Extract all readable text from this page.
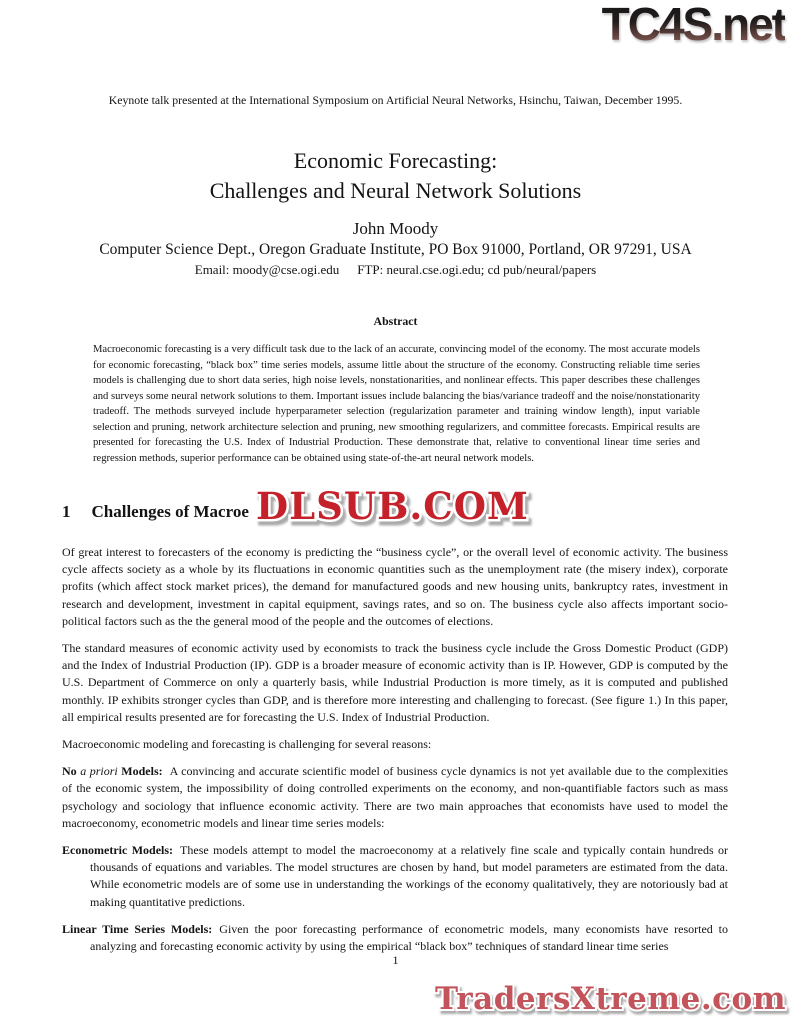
TC4S.net
Keynote talk presented at the International Symposium on Artificial Neural Networks, Hsinchu, Taiwan, December 1995.
Economic Forecasting:
Challenges and Neural Network Solutions
John Moody
Computer Science Dept., Oregon Graduate Institute, PO Box 91000, Portland, OR 97291, USA
Email: moody@cse.ogi.edu FTP: neural.cse.ogi.edu; cd pub/neural/papers
Abstract
Macroeconomic forecasting is a very difficult task due to the lack of an accurate, convincing model of the economy. The most accurate models for economic forecasting, “black box” time series models, assume little about the structure of the economy. Constructing reliable time series models is challenging due to short data series, high noise levels, nonstationarities, and nonlinear effects. This paper describes these challenges and surveys some neural network solutions to them. Important issues include balancing the bias/variance tradeoff and the noise/nonstationarity tradeoff. The methods surveyed include hyperparameter selection (regularization parameter and training window length), input variable selection and pruning, network architecture selection and pruning, new smoothing regularizers, and committee forecasts. Empirical results are presented for forecasting the U.S. Index of Industrial Production. These demonstrate that, relative to conventional linear time series and regression methods, superior performance can be obtained using state-of-the-art neural network models.
1 Challenges of Macroe DLSUB.COM

Of great interest to forecasters of the economy is predicting the “business cycle”, or the overall level of economic activity. The business cycle affects society as a whole by its fluctuations in economic quantities such as the unemployment rate (the misery index), corporate profits (which affect stock market prices), the demand for manufactured goods and new housing units, bankruptcy rates, investment in research and development, investment in capital equipment, savings rates, and so on. The business cycle also affects important socio-political factors such as the the general mood of the people and the outcomes of elections.

The standard measures of economic activity used by economists to track the business cycle include the Gross Domestic Product (GDP) and the Index of Industrial Production (IP). GDP is a broader measure of economic activity than is IP. However, GDP is computed by the U.S. Department of Commerce on only a quarterly basis, while Industrial Production is more timely, as it is computed and published monthly. IP exhibits stronger cycles than GDP, and is therefore more interesting and challenging to forecast. (See figure 1.) In this paper, all empirical results presented are for forecasting the U.S. Index of Industrial Production.

Macroeconomic modeling and forecasting is challenging for several reasons:

No a priori Models: A convincing and accurate scientific model of business cycle dynamics is not yet available due to the complexities of the economic system, the impossibility of doing controlled experiments on the economy, and non-quantifiable factors such as mass psychology and sociology that influence economic activity. There are two main approaches that economists have used to model the macroeconomy, econometric models and linear time series models:

Econometric Models: These models attempt to model the macroeconomy at a relatively fine scale and typically contain hundreds or thousands of equations and variables. The model structures are chosen by hand, but model parameters are estimated from the data. While econometric models are of some use in understanding the workings of the economy qualitatively, they are notoriously bad at making quantitative predictions.

Linear Time Series Models: Given the poor forecasting performance of econometric models, many economists have resorted to analyzing and forecasting economic activity by using the empirical “black box” techniques of standard linear time series

1
TradersXtreme.com
